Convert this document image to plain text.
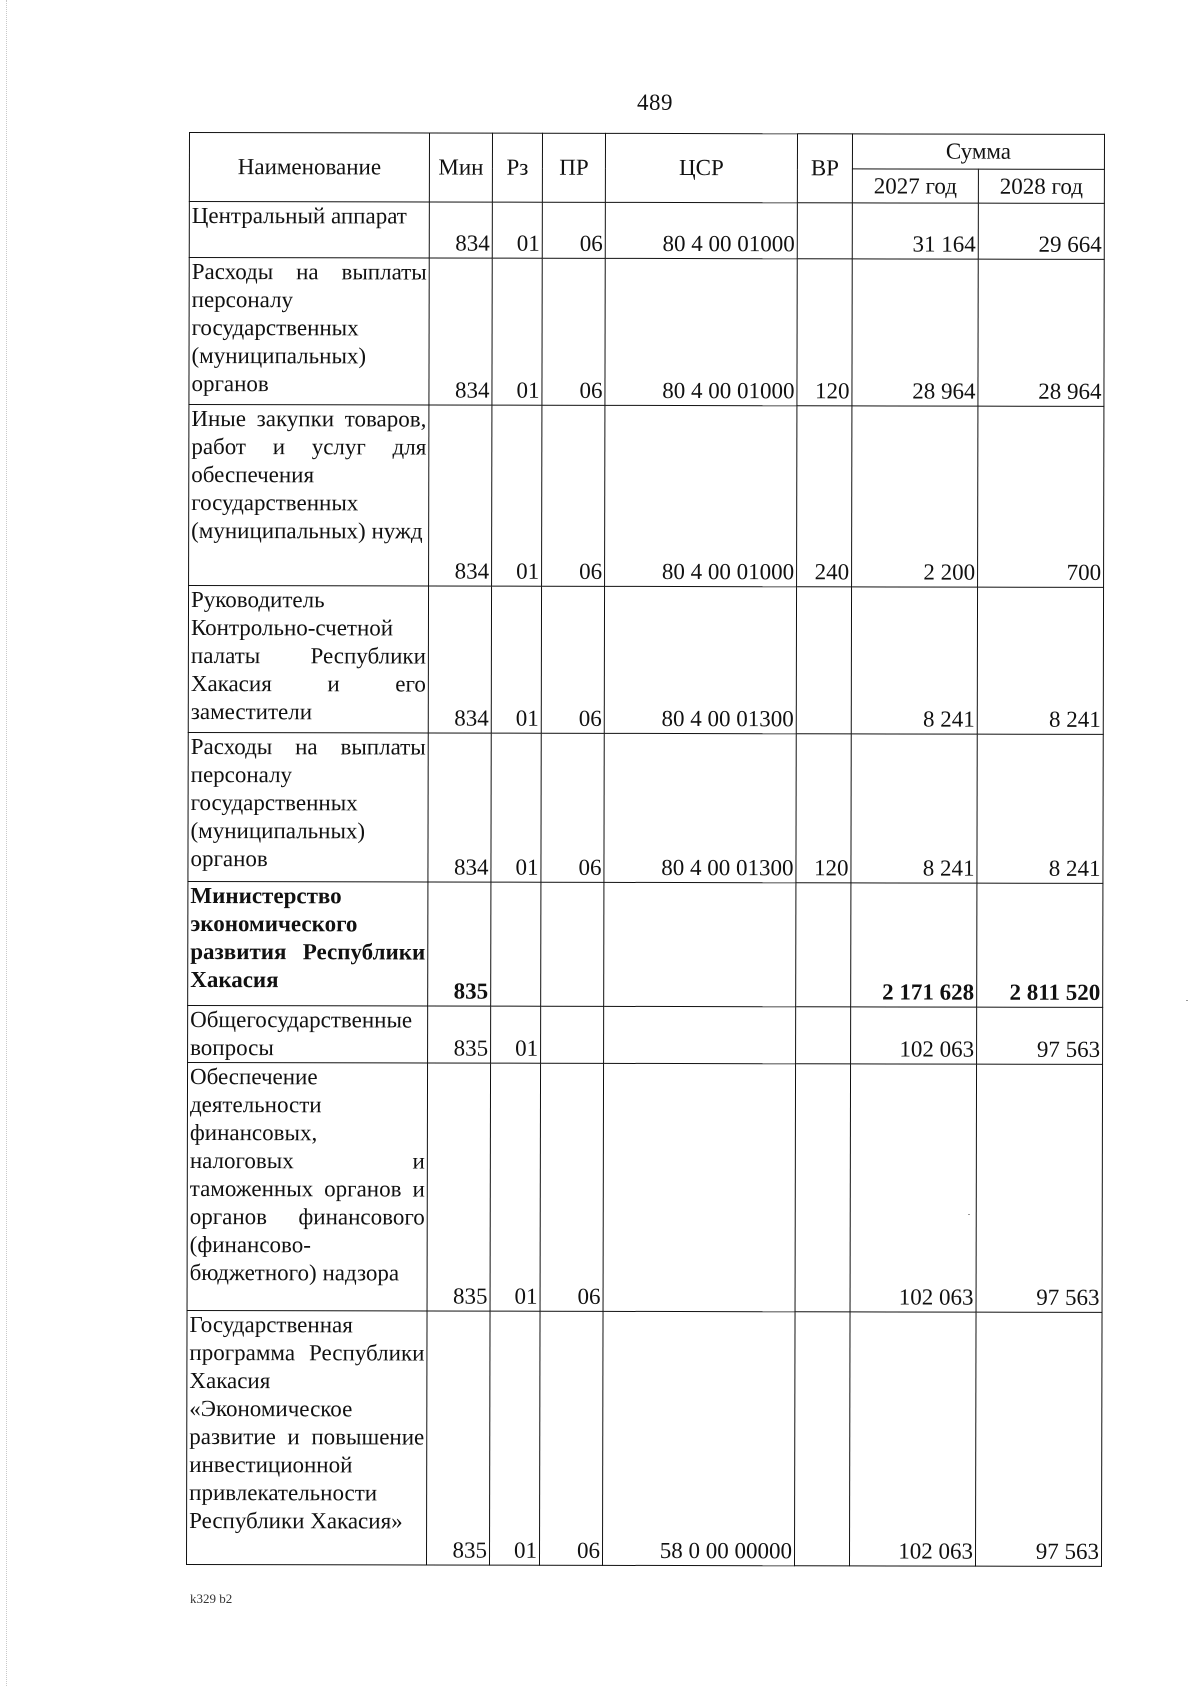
489
Наименование	Мин	Рз	ПР	ЦСР	ВР	Сумма	
						2027 год	2028 год
Центральный аппарат	834	01	06	80 4 00 01000		31 164	29 664
Расходы на выплаты персоналу государственных (муниципальных) органов	834	01	06	80 4 00 01000	120	28 964	28 964
Иные закупки товаров, работ и услуг для обеспечения государственных (муниципальных) нужд	834	01	06	80 4 00 01000	240	2 200	700
Руководитель Контрольно-счетной палаты Республики Хакасия и его заместители	834	01	06	80 4 00 01300		8 241	8 241
Расходы на выплаты персоналу государственных (муниципальных) органов	834	01	06	80 4 00 01300	120	8 241	8 241
Министерство экономического развития Республики Хакасия	835					2 171 628	2 811 520
Общегосударственные вопросы	835	01				102 063	97 563
Обеспечение деятельности финансовых, налоговых и таможенных органов и органов финансового (финансово-бюджетного) надзора	835	01	06			102 063	97 563
Государственная программа Республики Хакасия «Экономическое развитие и повышение инвестиционной привлекательности Республики Хакасия»	835	01	06	58 0 00 00000		102 063	97 563
k329 b2
